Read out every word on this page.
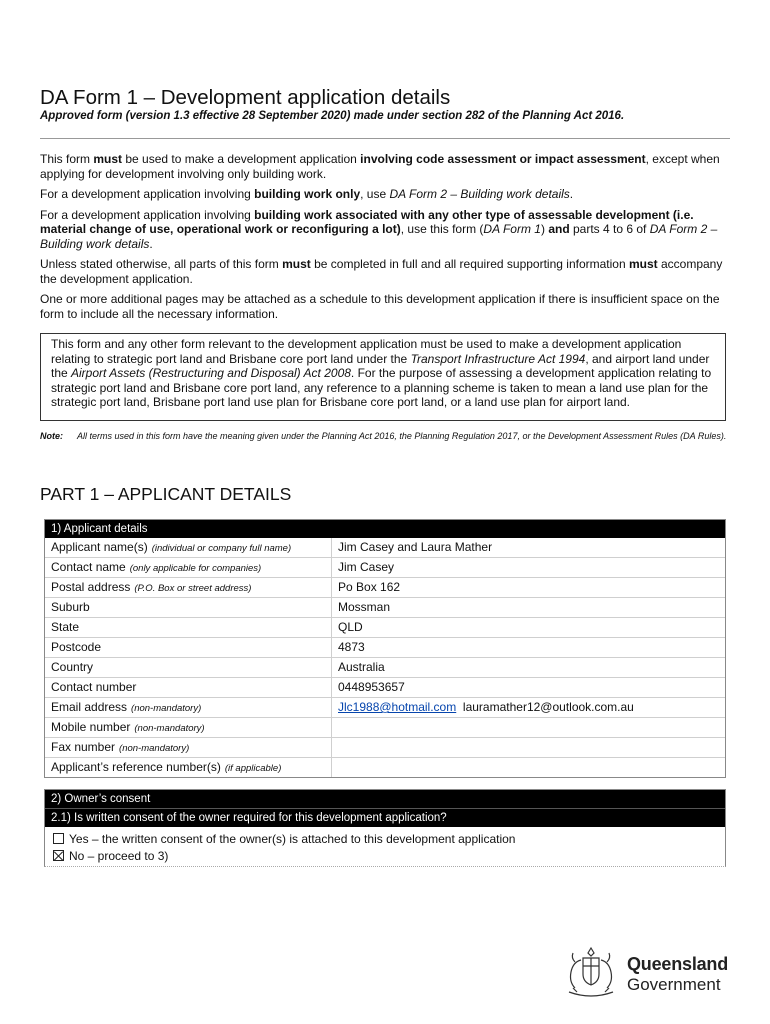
DA Form 1 – Development application details
Approved form (version 1.3 effective 28 September 2020) made under section 282 of the Planning Act 2016.

This form must be used to make a development application involving code assessment or impact assessment, except when applying for development involving only building work.

For a development application involving building work only, use DA Form 2 – Building work details.

For a development application involving building work associated with any other type of assessable development (i.e. material change of use, operational work or reconfiguring a lot), use this form (DA Form 1) and parts 4 to 6 of DA Form 2 – Building work details.

Unless stated otherwise, all parts of this form must be completed in full and all required supporting information must accompany the development application.

One or more additional pages may be attached as a schedule to this development application if there is insufficient space on the form to include all the necessary information.

This form and any other form relevant to the development application must be used to make a development application relating to strategic port land and Brisbane core port land under the Transport Infrastructure Act 1994, and airport land under the Airport Assets (Restructuring and Disposal) Act 2008. For the purpose of assessing a development application relating to strategic port land and Brisbane core port land, any reference to a planning scheme is taken to mean a land use plan for the strategic port land, Brisbane port land use plan for Brisbane core port land, or a land use plan for airport land.
Note: All terms used in this form have the meaning given under the Planning Act 2016, the Planning Regulation 2017, or the Development Assessment Rules (DA Rules).
PART 1 – APPLICANT DETAILS
1) Applicant details
Applicant name(s) (individual or company full name)	Jim Casey and Laura Mather
Contact name (only applicable for companies)	Jim Casey
Postal address (P.O. Box or street address)	Po Box 162
Suburb	Mossman
State	QLD
Postcode	4873
Country	Australia
Contact number	0448953657
Email address (non-mandatory)	Jlc1988@hotmail.com lauramather12@outlook.com.au
Mobile number (non-mandatory)
Fax number (non-mandatory)
Applicant’s reference number(s) (if applicable)
2) Owner’s consent
2.1) Is written consent of the owner required for this development application?
Yes – the written consent of the owner(s) is attached to this development application
No – proceed to 3)
Queensland
Government
